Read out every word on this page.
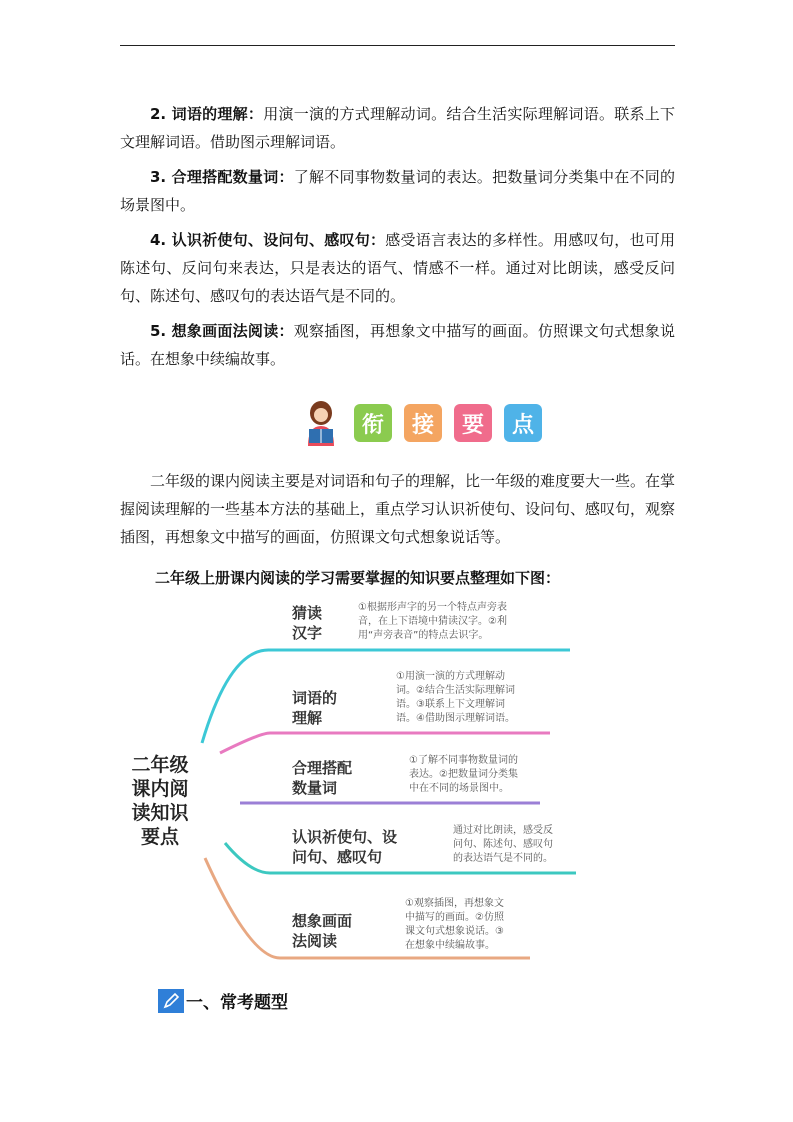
2. 词语的理解：用演一演的方式理解动词。结合生活实际理解词语。联系上下文理解词语。借助图示理解词语。
3. 合理搭配数量词：了解不同事物数量词的表达。把数量词分类集中在不同的场景图中。
4. 认识祈使句、设问句、感叹句：感受语言表达的多样性。用感叹句，也可用陈述句、反问句来表达，只是表达的语气、情感不一样。通过对比朗读，感受反问句、陈述句、感叹句的表达语气是不同的。
5. 想象画面法阅读：观察插图，再想象文中描写的画面。仿照课文句式想象说话。在想象中续编故事。
衔	接	要	点
二年级的课内阅读主要是对词语和句子的理解，比一年级的难度要大一些。在掌握阅读理解的一些基本方法的基础上，重点学习认识祈使句、设问句、感叹句，观察插图，再想象文中描写的画面，仿照课文句式想象说话等。
二年级上册课内阅读的学习需要掌握的知识要点整理如下图：
二年级
课内阅
读知识
要点
猜读
汉字
①根据形声字的另一个特点声旁表
音，在上下语境中猜读汉字。②利
用“声旁表音”的特点去识字。
词语的
理解
①用演一演的方式理解动
词。②结合生活实际理解词
语。③联系上下文理解词
语。④借助图示理解词语。
合理搭配
数量词
①了解不同事物数量词的
表达。②把数量词分类集
中在不同的场景图中。
认识祈使句、设
问句、感叹句
通过对比朗读，感受反
问句、陈述句、感叹句
的表达语气是不同的。
想象画面
法阅读
①观察插图，再想象文
中描写的画面。②仿照
课文句式想象说话。③
在想象中续编故事。
一、常考题型
